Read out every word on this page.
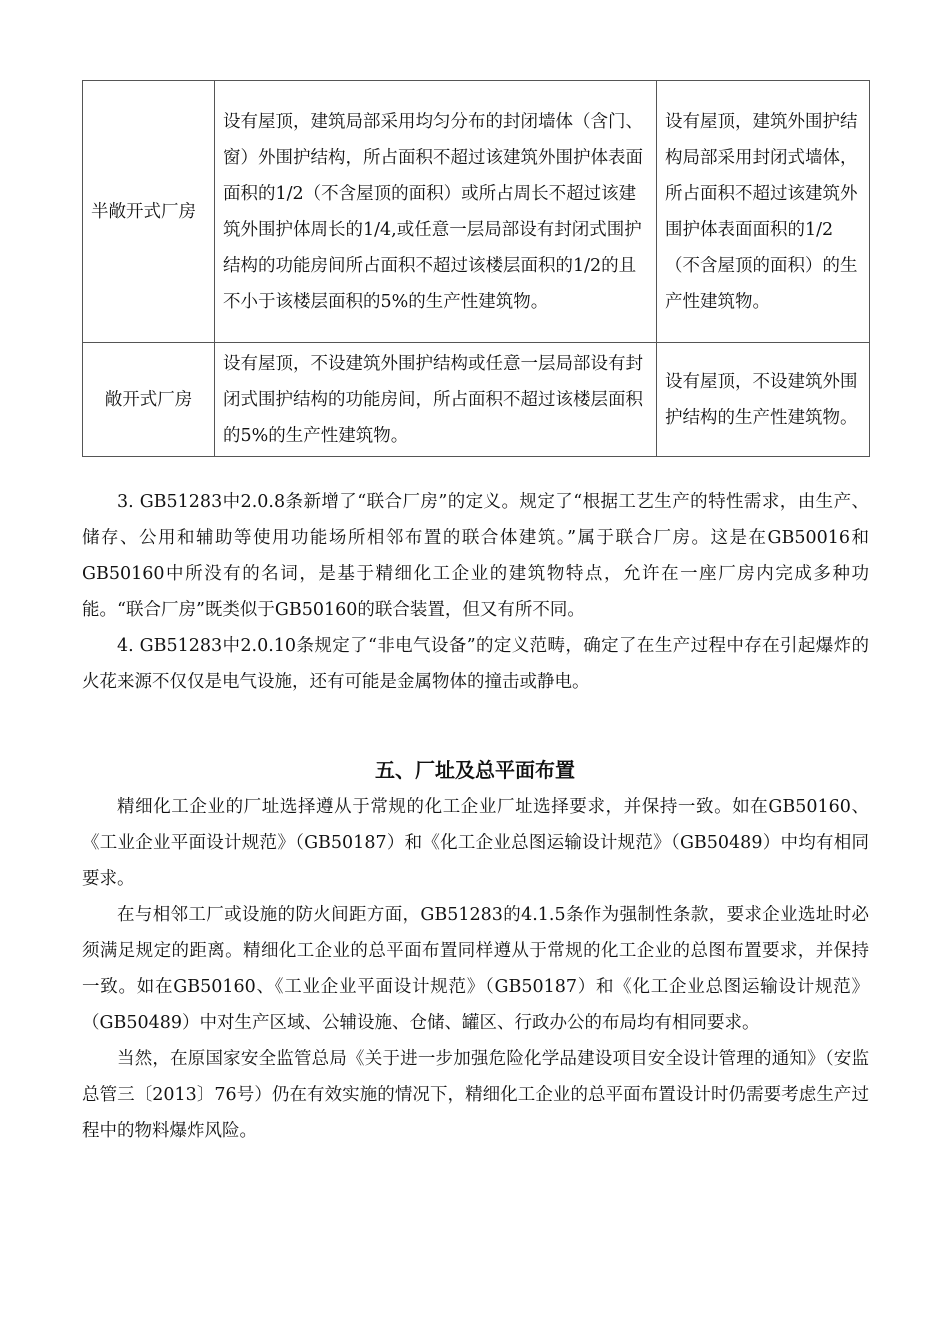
半敞开式厂房	设有屋顶，建筑局部采用均匀分布的封闭墙体（含门、窗）外围护结构，所占面积不超过该建筑外围护体表面面积的1/2（不含屋顶的面积）或所占周长不超过该建筑外围护体周长的1/4,或任意一层局部设有封闭式围护结构的功能房间所占面积不超过该楼层面积的1/2的且不小于该楼层面积的5%的生产性建筑物。	设有屋顶，建筑外围护结构局部采用封闭式墙体，所占面积不超过该建筑外围护体表面面积的1/2（不含屋顶的面积）的生产性建筑物。
敞开式厂房	设有屋顶，不设建筑外围护结构或任意一层局部设有封闭式围护结构的功能房间，所占面积不超过该楼层面积的5%的生产性建筑物。	设有屋顶，不设建筑外围护结构的生产性建筑物。

3. GB51283中2.0.8条新增了“联合厂房”的定义。规定了“根据工艺生产的特性需求，由生产、储存、公用和辅助等使用功能场所相邻布置的联合体建筑。”属于联合厂房。这是在GB50016和GB50160中所没有的名词，是基于精细化工企业的建筑物特点，允许在一座厂房内完成多种功能。“联合厂房”既类似于GB50160的联合装置，但又有所不同。

4. GB51283中2.0.10条规定了“非电气设备”的定义范畴，确定了在生产过程中存在引起爆炸的火花来源不仅仅是电气设施，还有可能是金属物体的撞击或静电。

五、厂址及总平面布置

精细化工企业的厂址选择遵从于常规的化工企业厂址选择要求，并保持一致。如在GB50160、《工业企业平面设计规范》（GB50187）和《化工企业总图运输设计规范》（GB50489）中均有相同要求。

在与相邻工厂或设施的防火间距方面，GB51283的4.1.5条作为强制性条款，要求企业选址时必须满足规定的距离。精细化工企业的总平面布置同样遵从于常规的化工企业的总图布置要求，并保持一致。如在GB50160、《工业企业平面设计规范》（GB50187）和《化工企业总图运输设计规范》（GB50489）中对生产区域、公辅设施、仓储、罐区、行政办公的布局均有相同要求。

当然，在原国家安全监管总局《关于进一步加强危险化学品建设项目安全设计管理的通知》（安监总管三〔2013〕76号）仍在有效实施的情况下，精细化工企业的总平面布置设计时仍需要考虑生产过程中的物料爆炸风险。
